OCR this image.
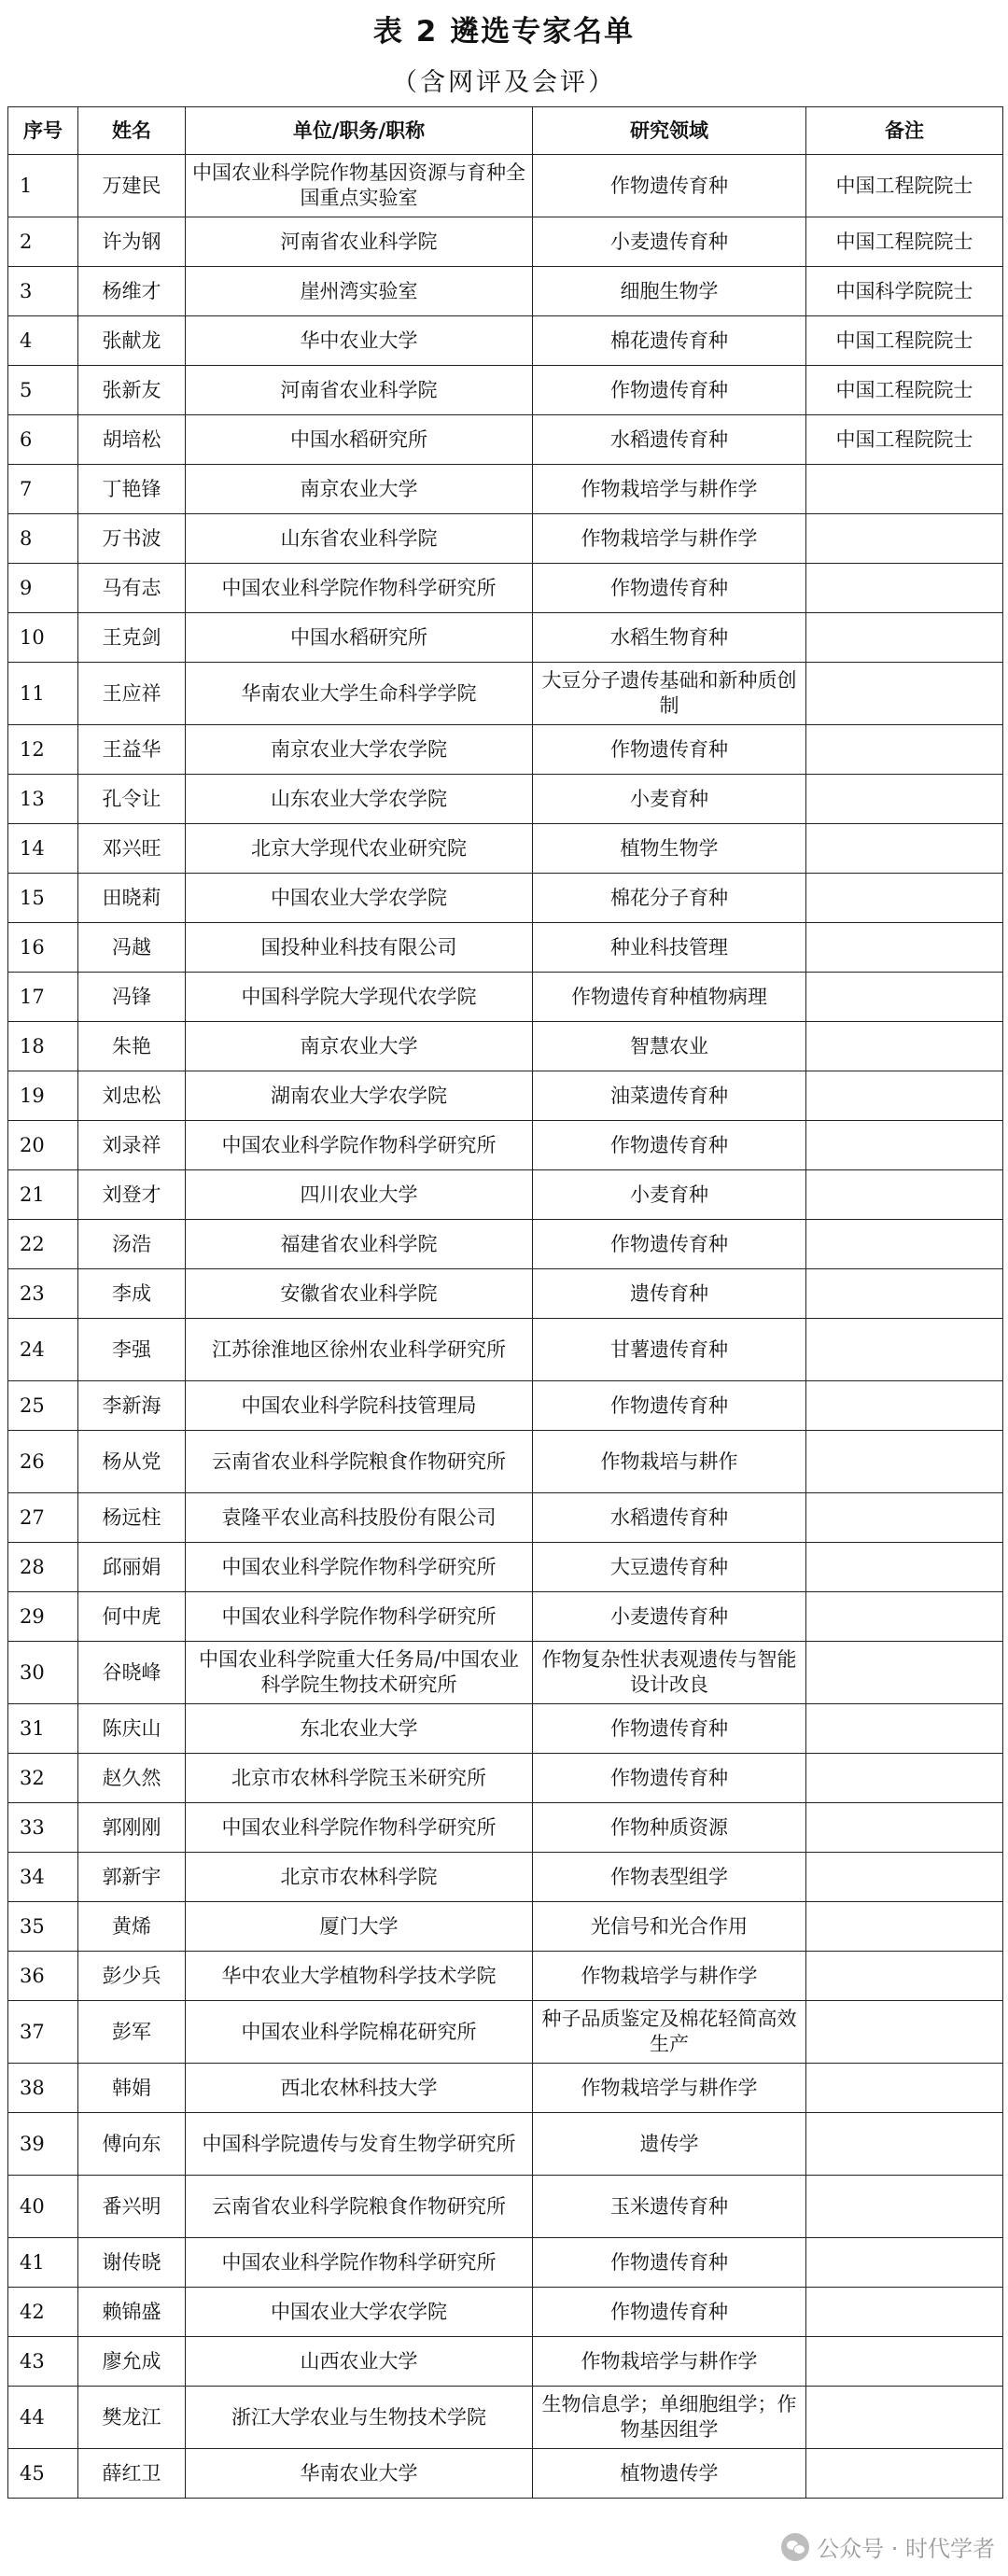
表 2 遴选专家名单
（含网评及会评）
序号	姓名	单位/职务/职称	研究领域	备注
1	万建民	中国农业科学院作物基因资源与育种全国重点实验室	作物遗传育种	中国工程院院士
2	许为钢	河南省农业科学院	小麦遗传育种	中国工程院院士
3	杨维才	崖州湾实验室	细胞生物学	中国科学院院士
4	张献龙	华中农业大学	棉花遗传育种	中国工程院院士
5	张新友	河南省农业科学院	作物遗传育种	中国工程院院士
6	胡培松	中国水稻研究所	水稻遗传育种	中国工程院院士
7	丁艳锋	南京农业大学	作物栽培学与耕作学	
8	万书波	山东省农业科学院	作物栽培学与耕作学	
9	马有志	中国农业科学院作物科学研究所	作物遗传育种	
10	王克剑	中国水稻研究所	水稻生物育种	
11	王应祥	华南农业大学生命科学学院	大豆分子遗传基础和新种质创制	
12	王益华	南京农业大学农学院	作物遗传育种	
13	孔令让	山东农业大学农学院	小麦育种	
14	邓兴旺	北京大学现代农业研究院	植物生物学	
15	田晓莉	中国农业大学农学院	棉花分子育种	
16	冯越	国投种业科技有限公司	种业科技管理	
17	冯锋	中国科学院大学现代农学院	作物遗传育种植物病理	
18	朱艳	南京农业大学	智慧农业	
19	刘忠松	湖南农业大学农学院	油菜遗传育种	
20	刘录祥	中国农业科学院作物科学研究所	作物遗传育种	
21	刘登才	四川农业大学	小麦育种	
22	汤浩	福建省农业科学院	作物遗传育种	
23	李成	安徽省农业科学院	遗传育种	
24	李强	江苏徐淮地区徐州农业科学研究所	甘薯遗传育种	
25	李新海	中国农业科学院科技管理局	作物遗传育种	
26	杨从党	云南省农业科学院粮食作物研究所	作物栽培与耕作	
27	杨远柱	袁隆平农业高科技股份有限公司	水稻遗传育种	
28	邱丽娟	中国农业科学院作物科学研究所	大豆遗传育种	
29	何中虎	中国农业科学院作物科学研究所	小麦遗传育种	
30	谷晓峰	中国农业科学院重大任务局/中国农业科学院生物技术研究所	作物复杂性状表观遗传与智能设计改良	
31	陈庆山	东北农业大学	作物遗传育种	
32	赵久然	北京市农林科学院玉米研究所	作物遗传育种	
33	郭刚刚	中国农业科学院作物科学研究所	作物种质资源	
34	郭新宇	北京市农林科学院	作物表型组学	
35	黄烯	厦门大学	光信号和光合作用	
36	彭少兵	华中农业大学植物科学技术学院	作物栽培学与耕作学	
37	彭军	中国农业科学院棉花研究所	种子品质鉴定及棉花轻简高效生产	
38	韩娟	西北农林科技大学	作物栽培学与耕作学	
39	傅向东	中国科学院遗传与发育生物学研究所	遗传学	
40	番兴明	云南省农业科学院粮食作物研究所	玉米遗传育种	
41	谢传晓	中国农业科学院作物科学研究所	作物遗传育种	
42	赖锦盛	中国农业大学农学院	作物遗传育种	
43	廖允成	山西农业大学	作物栽培学与耕作学	
44	樊龙江	浙江大学农业与生物技术学院	生物信息学；单细胞组学；作物基因组学	
45	薛红卫	华南农业大学	植物遗传学	
公众号 · 时代学者
